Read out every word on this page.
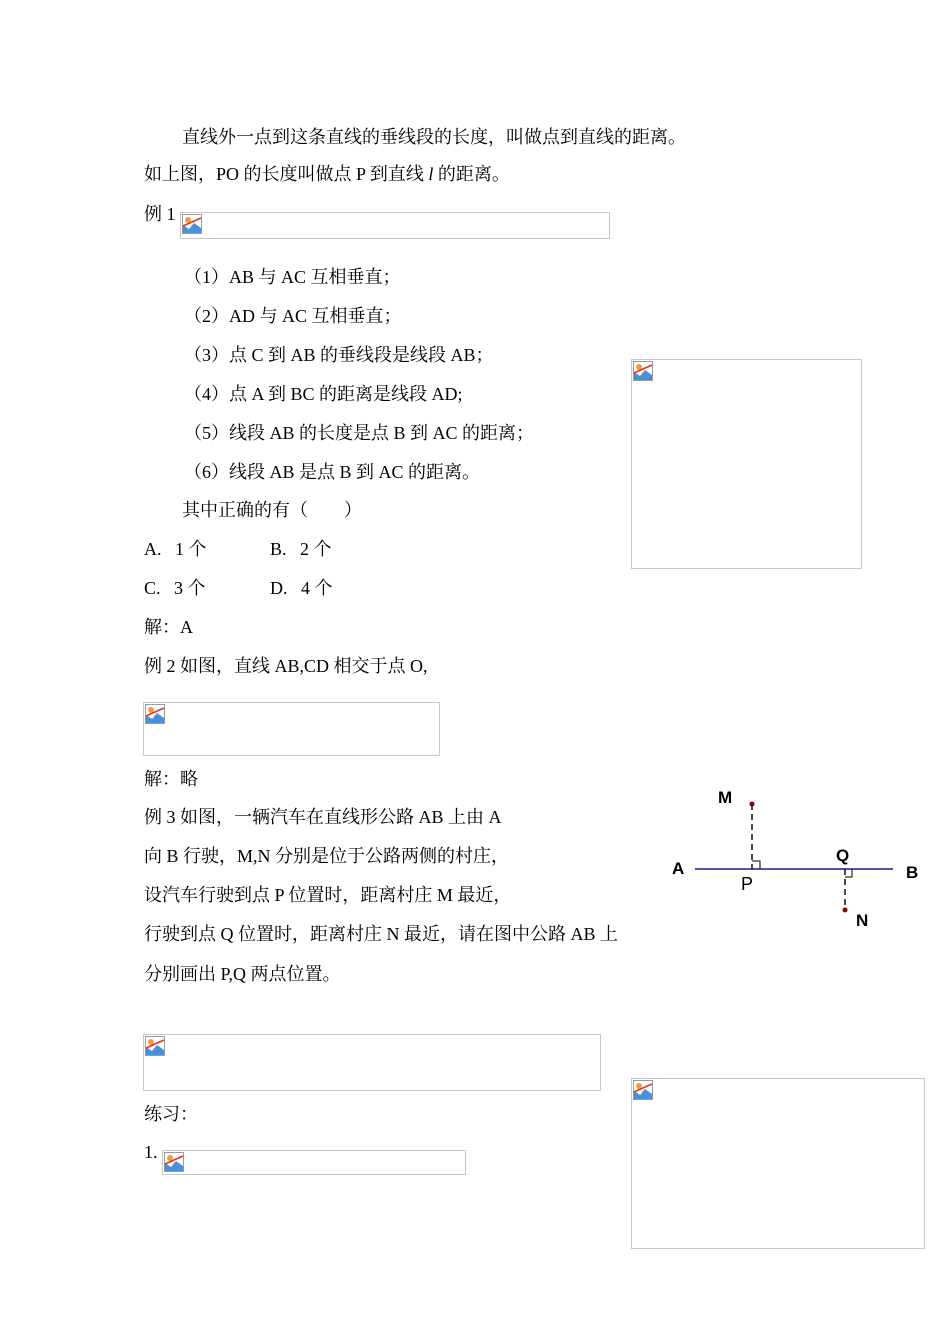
直线外一点到这条直线的垂线段的长度，叫做点到直线的距离。
如上图，PO 的长度叫做点 P 到直线 l 的距离。
例 1
（1）AB 与 AC 互相垂直；
（2）AD 与 AC 互相垂直；
（3）点 C 到 AB 的垂线段是线段 AB；
（4）点 A 到 BC 的距离是线段 AD;
（5）线段 AB 的长度是点 B 到 AC 的距离；
（6）线段 AB 是点 B 到 AC 的距离。
其中正确的有（　　）
A. 1 个	B. 2 个
C. 3 个	D. 4 个
解：A
例 2 如图，直线 AB,CD 相交于点 O,
解：略
例 3 如图，一辆汽车在直线形公路 AB 上由 A
向 B 行驶，M,N 分别是位于公路两侧的村庄，
设汽车行驶到点 P 位置时，距离村庄 M 最近，
行驶到点 Q 位置时，距离村庄 N 最近，请在图中公路 AB 上
分别画出 P,Q 两点位置。
M
N
A	B
P
Q
练习：
1.
